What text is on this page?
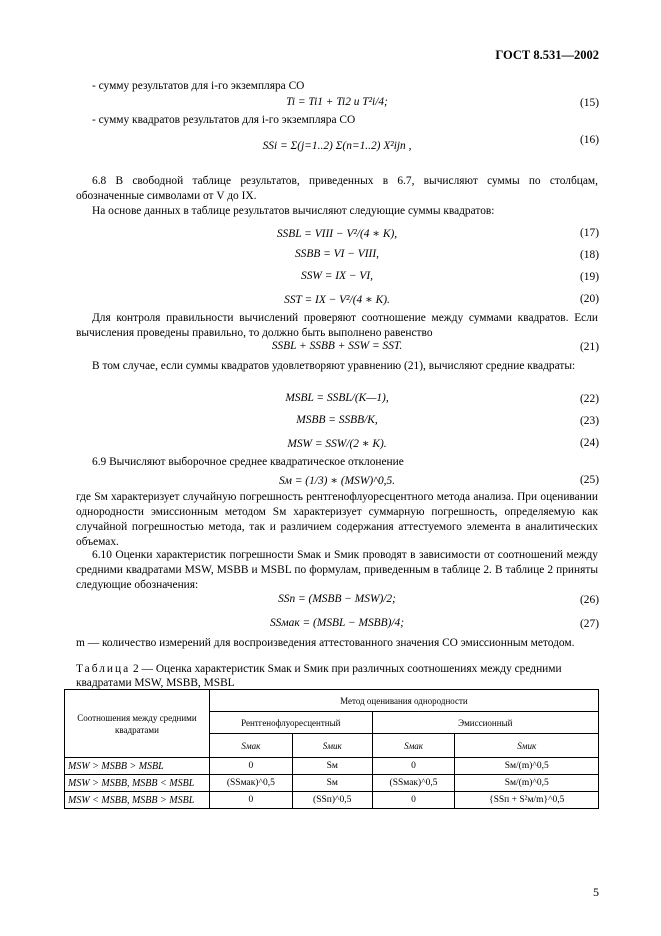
ГОСТ 8.531—2002
- сумму результатов для i-го экземпляра СО
Ti = Ti1 + Ti2 и T²i/4;	(15)
- сумму квадратов результатов для i-го экземпляра СО
SSi = Σ(j=1..2) Σ(n=1..2) X²ijn ,	(16)
6.8 В свободной таблице результатов, приведенных в 6.7, вычисляют суммы по столбцам, обозначенные символами от V до IX.
На основе данных в таблице результатов вычисляют следующие суммы квадратов:
SSBL = VIII − V²/(4 ∗ K),	(17)
SSBB = VI − VIII,	(18)
SSW = IX − VI,	(19)
SST = IX − V²/(4 ∗ K).	(20)
Для контроля правильности вычислений проверяют соотношение между суммами квадратов. Если вычисления проведены правильно, то должно быть выполнено равенство
SSBL + SSBB + SSW = SST.	(21)
В том случае, если суммы квадратов удовлетворяют уравнению (21), вычисляют средние квадраты:
MSBL = SSBL/(K—1),	(22)
MSBB = SSBB/K,	(23)
MSW = SSW/(2 ∗ K).	(24)
6.9 Вычисляют выборочное среднее квадратическое отклонение
Sм = (1/3) ∗ (MSW)^0,5.	(25)
где Sм характеризует случайную погрешность рентгенофлуоресцентного метода анализа. При оценивании однородности эмиссионным методом Sм характеризует суммарную погрешность, определяемую как случайной погрешностью метода, так и различием содержания аттестуемого элемента в аналитических объемах.
6.10 Оценки характеристик погрешности Sмак и Sмик проводят в зависимости от соотношений между средними квадратами MSW, MSBB и MSBL по формулам, приведенным в таблице 2. В таблице 2 приняты следующие обозначения:
SSп = (MSBB − MSW)/2;	(26)
SSмак = (MSBL − MSBB)/4;	(27)
m — количество измерений для воспроизведения аттестованного значения СО эмиссионным методом.
Таблица 2 — Оценка характеристик Sмак и Sмик при различных соотношениях между средними квадратами MSW, MSBB, MSBL
Соотношения между средними квадратами	Метод оценивания однородности			
	Рентгенофлуоресцентный		Эмиссионный	
	Sмак	Sмик	Sмак	Sмик
MSW > MSBB > MSBL	0	Sм	0	Sм/(m)^0,5
MSW > MSBB, MSBB < MSBL	(SSмак)^0,5	Sм	(SSмак)^0,5	Sм/(m)^0,5
MSW < MSBB, MSBB > MSBL	0	(SSп)^0,5	0	{SSп + S²м/m}^0,5
5
